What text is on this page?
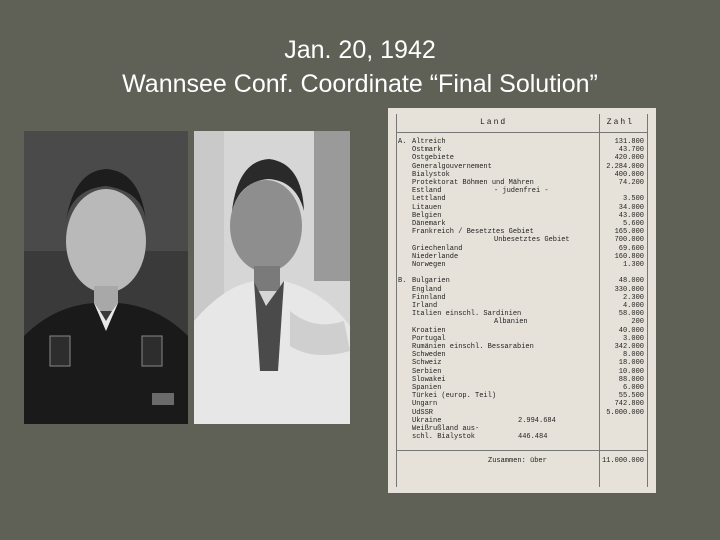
Jan. 20, 1942
Wannsee Conf. Coordinate “Final Solution”
Land	Zahl
A. Altreich	131.800
Ostmark	43.700
Ostgebiete	420.000
Generalgouvernement	2.284.000
Bialystok	400.000
Protektorat Böhmen und Mähren	74.200
Estland	- judenfrei -
Lettland	3.500
Litauen	34.000
Belgien	43.000
Dänemark	5.600
Frankreich / Besetztes Gebiet	165.000
Unbesetztes Gebiet	700.000
Griechenland	69.600
Niederlande	160.800
Norwegen	1.300
B. Bulgarien	48.000
England	330.000
Finnland	2.300
Irland	4.000
Italien einschl. Sardinien	58.000
Albanien	200
Kroatien	40.000
Portugal	3.000
Rumänien einschl. Bessarabien	342.000
Schweden	8.000
Schweiz	18.000
Serbien	10.000
Slowakei	88.000
Spanien	6.000
Türkei (europ. Teil)	55.500
Ungarn	742.800
UdSSR	5.000.000
Ukraine	2.994.684
Weißrußland aus-
schl. Bialystok	446.484
Zusammen: über	11.000.000
